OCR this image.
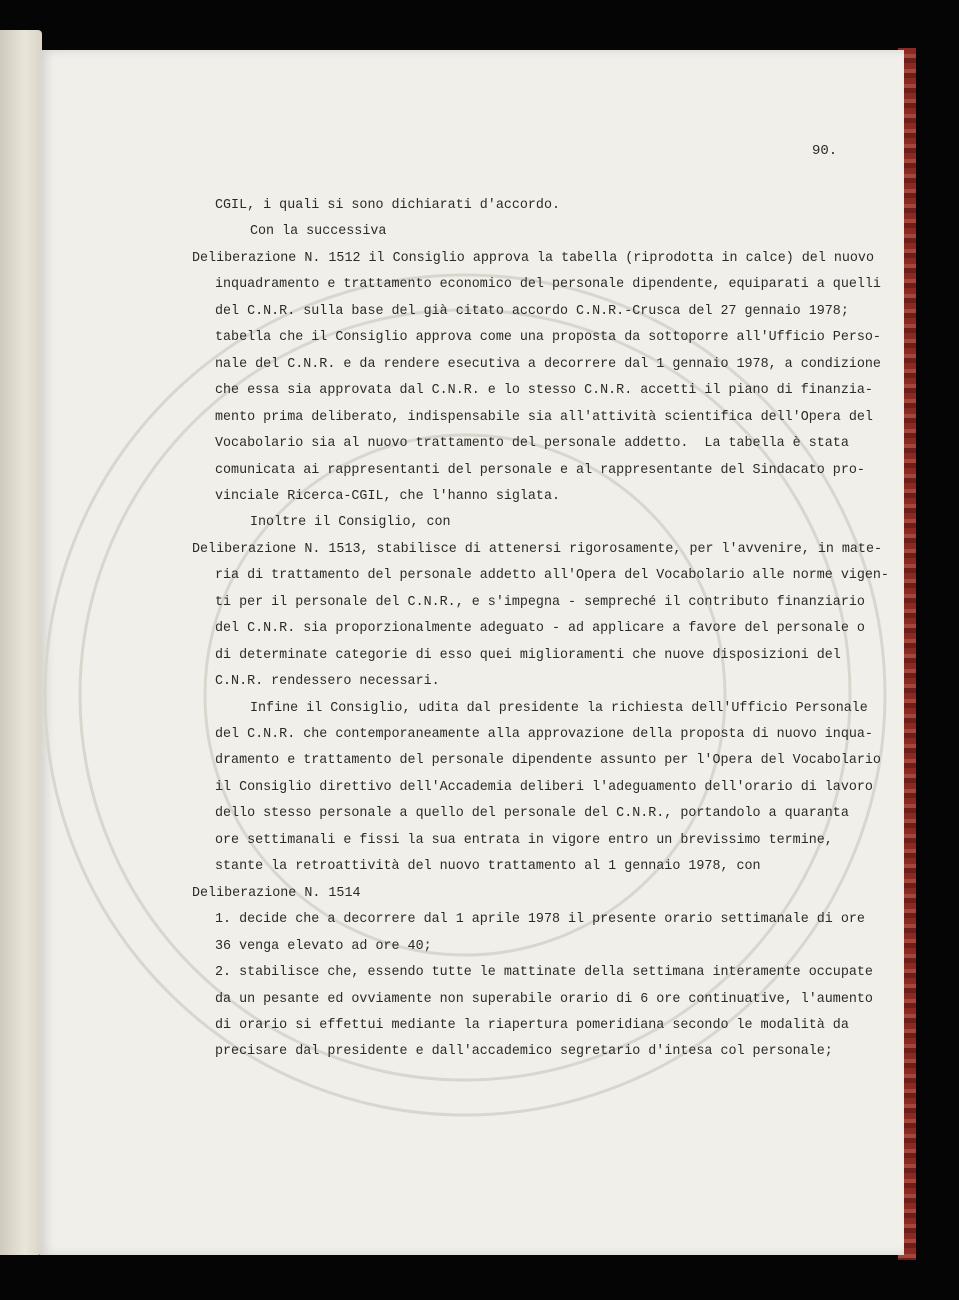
90.
CGIL, i quali si sono dichiarati d'accordo.
Con la successiva
Deliberazione N. 1512 il Consiglio approva la tabella (riprodotta in calce) del nuovo
inquadramento e trattamento economico del personale dipendente, equiparati a quelli
del C.N.R. sulla base del già citato accordo C.N.R.-Crusca del 27 gennaio 1978;
tabella che il Consiglio approva come una proposta da sottoporre all'Ufficio Perso-
nale del C.N.R. e da rendere esecutiva a decorrere dal 1 gennaio 1978, a condizione
che essa sia approvata dal C.N.R. e lo stesso C.N.R. accetti il piano di finanzia-
mento prima deliberato, indispensabile sia all'attività scientifica dell'Opera del
Vocabolario sia al nuovo trattamento del personale addetto.  La tabella è stata
comunicata ai rappresentanti del personale e al rappresentante del Sindacato pro-
vinciale Ricerca-CGIL, che l'hanno siglata.
Inoltre il Consiglio, con
Deliberazione N. 1513, stabilisce di attenersi rigorosamente, per l'avvenire, in mate-
ria di trattamento del personale addetto all'Opera del Vocabolario alle norme vigen-
ti per il personale del C.N.R., e s'impegna - sempreché il contributo finanziario
del C.N.R. sia proporzionalmente adeguato - ad applicare a favore del personale o
di determinate categorie di esso quei miglioramenti che nuove disposizioni del
C.N.R. rendessero necessari.
Infine il Consiglio, udita dal presidente la richiesta dell'Ufficio Personale
del C.N.R. che contemporaneamente alla approvazione della proposta di nuovo inqua-
dramento e trattamento del personale dipendente assunto per l'Opera del Vocabolario
il Consiglio direttivo dell'Accademia deliberi l'adeguamento dell'orario di lavoro
dello stesso personale a quello del personale del C.N.R., portandolo a quaranta
ore settimanali e fissi la sua entrata in vigore entro un brevissimo termine,
stante la retroattività del nuovo trattamento al 1 gennaio 1978, con
Deliberazione N. 1514
1. decide che a decorrere dal 1 aprile 1978 il presente orario settimanale di ore
36 venga elevato ad ore 40;
2. stabilisce che, essendo tutte le mattinate della settimana interamente occupate
da un pesante ed ovviamente non superabile orario di 6 ore continuative, l'aumento
di orario si effettui mediante la riapertura pomeridiana secondo le modalità da
precisare dal presidente e dall'accademico segretario d'intesa col personale;
